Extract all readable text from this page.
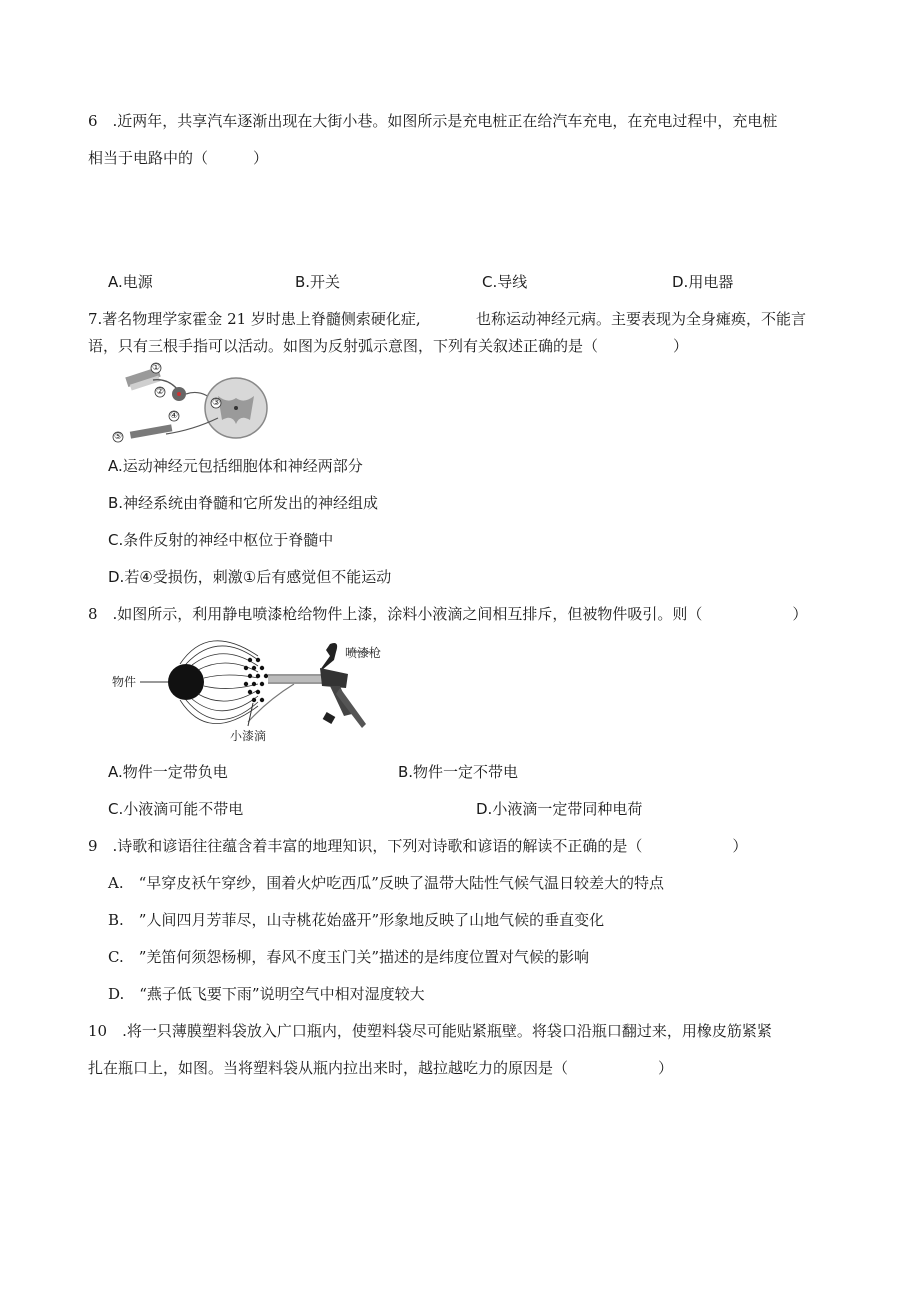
6　.近两年，共享汽车逐渐出现在大街小巷。如图所示是充电桩正在给汽车充电，在充电过程中，充电桩
相当于电路中的（　　　）
A.电源	B.开关	C.导线	D.用电器
7.著名物理学家霍金 21 岁时患上脊髓侧索硬化症,	也称运动神经元病。主要表现为全身瘫痪，不能言
语，只有三根手指可以活动。如图为反射弧示意图，下列有关叙述正确的是（　　　　　）
①
②
③
④
⑤
A.运动神经元包括细胞体和神经两部分
B.神经系统由脊髓和它所发出的神经组成
C.条件反射的神经中枢位于脊髓中
D.若④受损伤，刺激①后有感觉但不能运动
8　.如图所示，利用静电喷漆枪给物件上漆，涂料小液滴之间相互排斥，但被物件吸引。则（　　　　　　）
物件
喷漆枪
小漆滴
A.物件一定带负电	B.物件一定不带电
C.小液滴可能不带电	D.小液滴一定带同种电荷
9　.诗歌和谚语往往蕴含着丰富的地理知识，下列对诗歌和谚语的解读不正确的是（　　　　　　）
A.　“早穿皮袄午穿纱，围着火炉吃西瓜”反映了温带大陆性气候气温日较差大的特点
B.　”人间四月芳菲尽，山寺桃花始盛开”形象地反映了山地气候的垂直变化
C.　”羌笛何须怨杨柳，春风不度玉门关”描述的是纬度位置对气候的影响
D.　“燕子低飞要下雨”说明空气中相对湿度较大
10　.将一只薄膜塑料袋放入广口瓶内，使塑料袋尽可能贴紧瓶壁。将袋口沿瓶口翻过来，用橡皮筋紧紧
扎在瓶口上，如图。当将塑料袋从瓶内拉出来时，越拉越吃力的原因是（　　　　　　）
